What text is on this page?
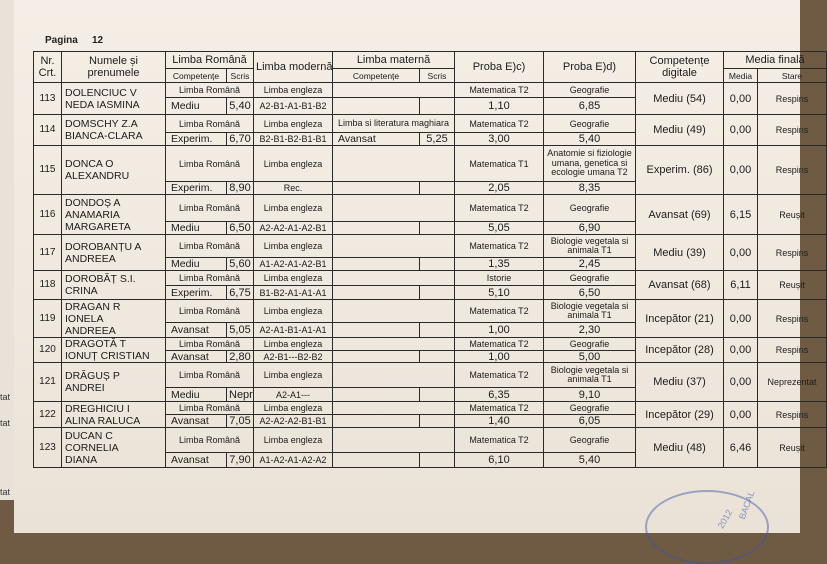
tat
tat
tat
Pagina 12
Nr. Crt.	Numele și prenumele	Limba Română		Limba modernă	Limba maternă		Proba E)c)	Proba E)d)	Competențe digitale	Media finală	
		Competențe	Scris		Competențe	Scris				Media	Stare
113	DOLENCIUC V
NEDA IASMINA	Limba Română		Limba engleza			Matematica T2	Geografie	Mediu (54)	0,00	Respins
		Mediu	5,40	A2-B1-A1-B1-B2			1,10	6,85			
114	DOMSCHY Z.A
BIANCA-CLARA	Limba Română		Limba engleza	Limba si literatura maghiara		Matematica T2	Geografie	Mediu (49)	0,00	Respins
		Experim.	6,70	B2-B1-B2-B1-B1	Avansat	5,25	3,00	5,40			
115	DONCA O
ALEXANDRU	Limba Română		Limba engleza			Matematica T1	Anatomie si fiziologie umana, genetica si ecologie umana T2	Experim. (86)	0,00	Respins
		Experim.	8,90	Rec.			2,05	8,35			
116	DONDOȘ A
ANAMARIA
MARGARETA	Limba Română		Limba engleza			Matematica T2	Geografie	Avansat (69)	6,15	Reușit
		Mediu	6,50	A2-A2-A1-A2-B1			5,05	6,90			
117	DOROBANȚU A
ANDREEA	Limba Română		Limba engleza			Matematica T2	Biologie vegetala si animala T1	Mediu (39)	0,00	Respins
		Mediu	5,60	A1-A2-A1-A2-B1			1,35	2,45			
118	DOROBĂȚ S.I.
CRINA	Limba Română		Limba engleza			Istorie	Geografie	Avansat (68)	6,11	Reușit
		Experim.	6,75	B1-B2-A1-A1-A1			5,10	6,50			
119	DRAGAN R
IONELA
ANDREEA	Limba Română		Limba engleza			Matematica T2	Biologie vegetala si animala T1	Incepător (21)	0,00	Respins
		Avansat	5,05	A2-A1-B1-A1-A1			1,00	2,30			
120	DRAGOTĂ T
IONUȚ CRISTIAN	Limba Română		Limba engleza			Matematica T2	Geografie	Incepător (28)	0,00	Respins
		Avansat	2,80	A2-B1---B2-B2			1,00	5,00			
121	DRĂGUȘ P
ANDREI	Limba Română		Limba engleza			Matematica T2	Biologie vegetala si animala T1	Mediu (37)	0,00	Neprezentat
		Mediu	Nepr	A2-A1---			6,35	9,10			
122	DREGHICIU I
ALINA RALUCA	Limba Română		Limba engleza			Matematica T2	Geografie	Incepător (29)	0,00	Respins
		Avansat	7,05	A2-A2-A2-B1-B1			1,40	6,05			
123	DUCAN C
CORNELIA
DIANA	Limba Română		Limba engleza			Matematica T2	Geografie	Mediu (48)	6,46	Reușit
		Avansat	7,90	A1-A2-A1-A2-A2			6,10	5,40			
BACAL
2012
